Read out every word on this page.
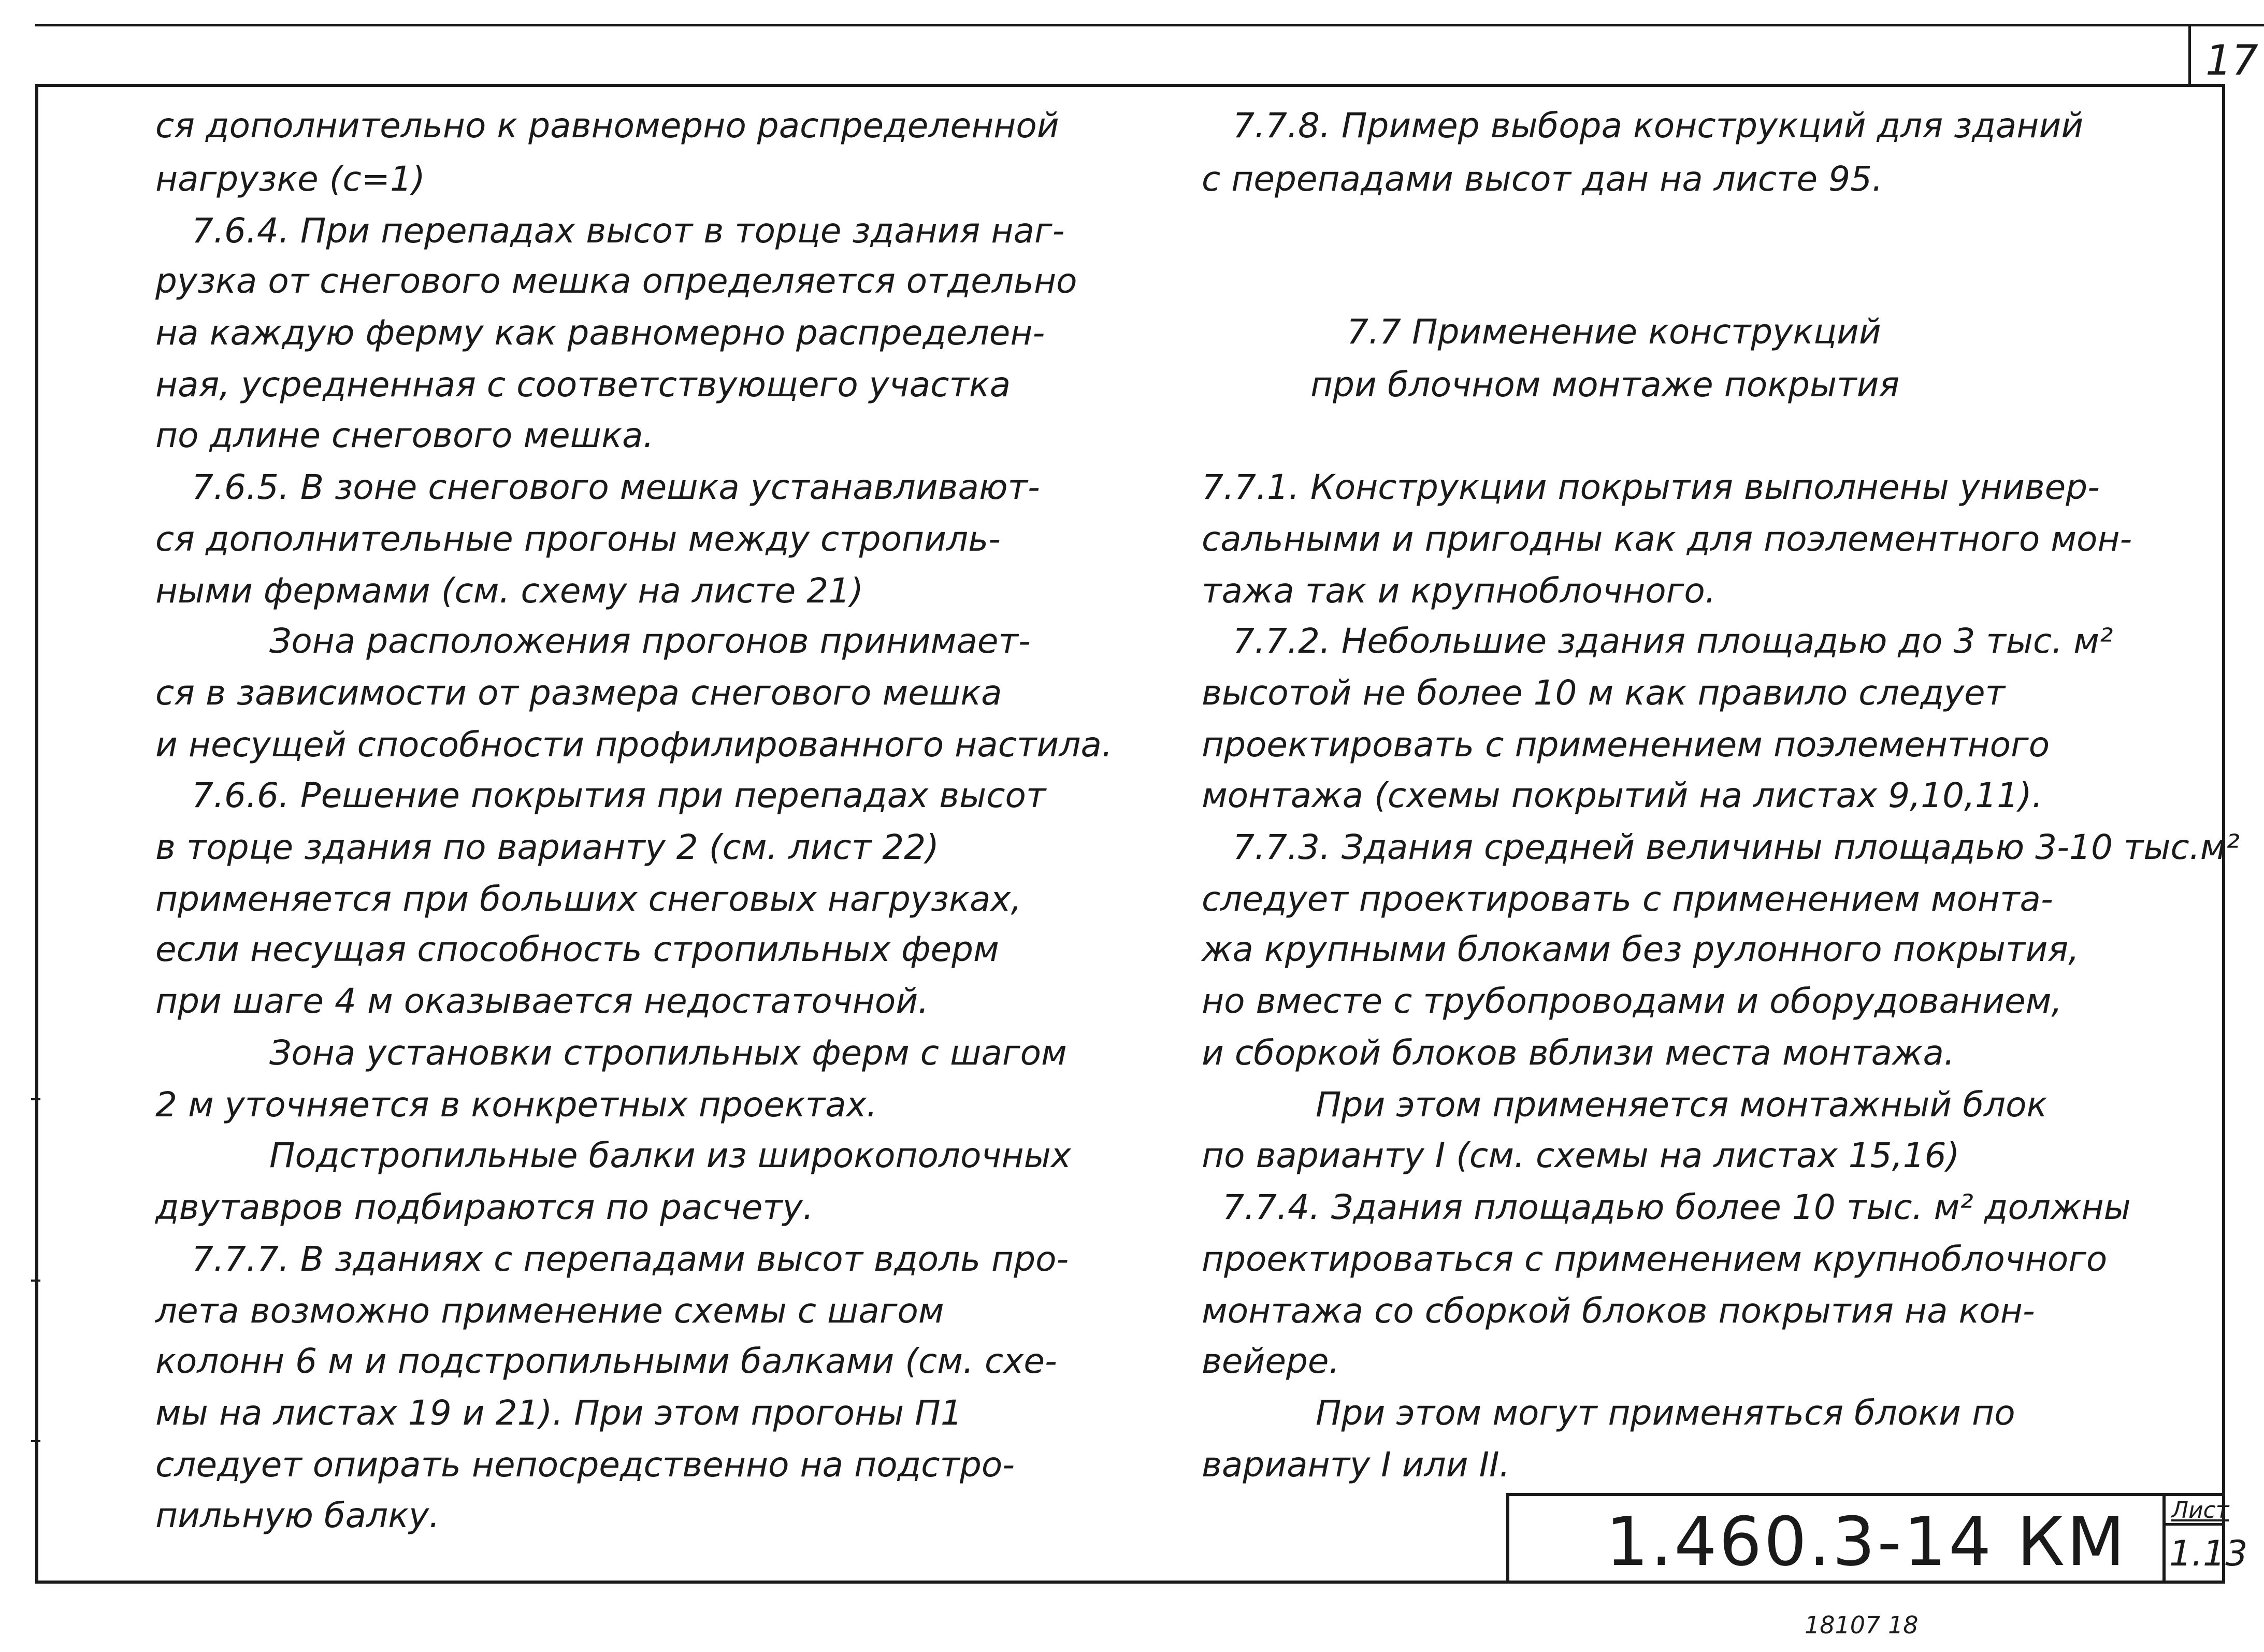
17

ся дополнительно к равномерно распределенной

нагрузке (с=1)

7.6.4. При перепадах высот в торце здания наг-

рузка от снегового мешка определяется отдельно

на каждую ферму как равномерно распределен-

ная, усредненная с соответствующего участка

по длине снегового мешка.

7.6.5. В зоне снегового мешка устанавливают-

ся дополнительные прогоны между стропиль-

ными фермами (см. схему на листе 21)

Зона расположения прогонов принимает-

ся в зависимости от размера снегового мешка

и несущей способности профилированного настила.

7.6.6. Решение покрытия при перепадах высот

в торце здания по варианту 2 (см. лист 22)

применяется при больших снеговых нагрузках,

если несущая способность стропильных ферм

при шаге 4 м оказывается недостаточной.

Зона установки стропильных ферм с шагом

2 м уточняется в конкретных проектах.

Подстропильные балки из широкополочных

двутавров подбираются по расчету.

7.7.7. В зданиях с перепадами высот вдоль про-

лета возможно применение схемы с шагом

колонн 6 м и подстропильными балками (см. схе-

мы на листах 19 и 21). При этом прогоны П1

следует опирать непосредственно на подстро-

пильную балку.

7.7.8. Пример выбора конструкций для зданий

с перепадами высот дан на листе 95.

7.7 Применение конструкций

при блочном монтаже покрытия

7.7.1. Конструкции покрытия выполнены универ-

сальными и пригодны как для поэлементного мон-

тажа так и крупноблочного.

7.7.2. Небольшие здания площадью до 3 тыс. м²

высотой не более 10 м как правило следует

проектировать с применением поэлементного

монтажа (схемы покрытий на листах 9,10,11).

7.7.3. Здания средней величины площадью 3-10 тыс.м²

следует проектировать с применением монта-

жа крупными блоками без рулонного покрытия,

но вместе с трубопроводами и оборудованием,

и сборкой блоков вблизи места монтажа.

При этом применяется монтажный блок

по варианту I (см. схемы на листах 15,16)

7.7.4. Здания площадью более 10 тыс. м² должны

проектироваться с применением крупноблочного

монтажа со сборкой блоков покрытия на кон-

вейере.

При этом могут применяться блоки по

варианту I или II.

1.460.3-14 КМ Лист
1.13
18107 18
